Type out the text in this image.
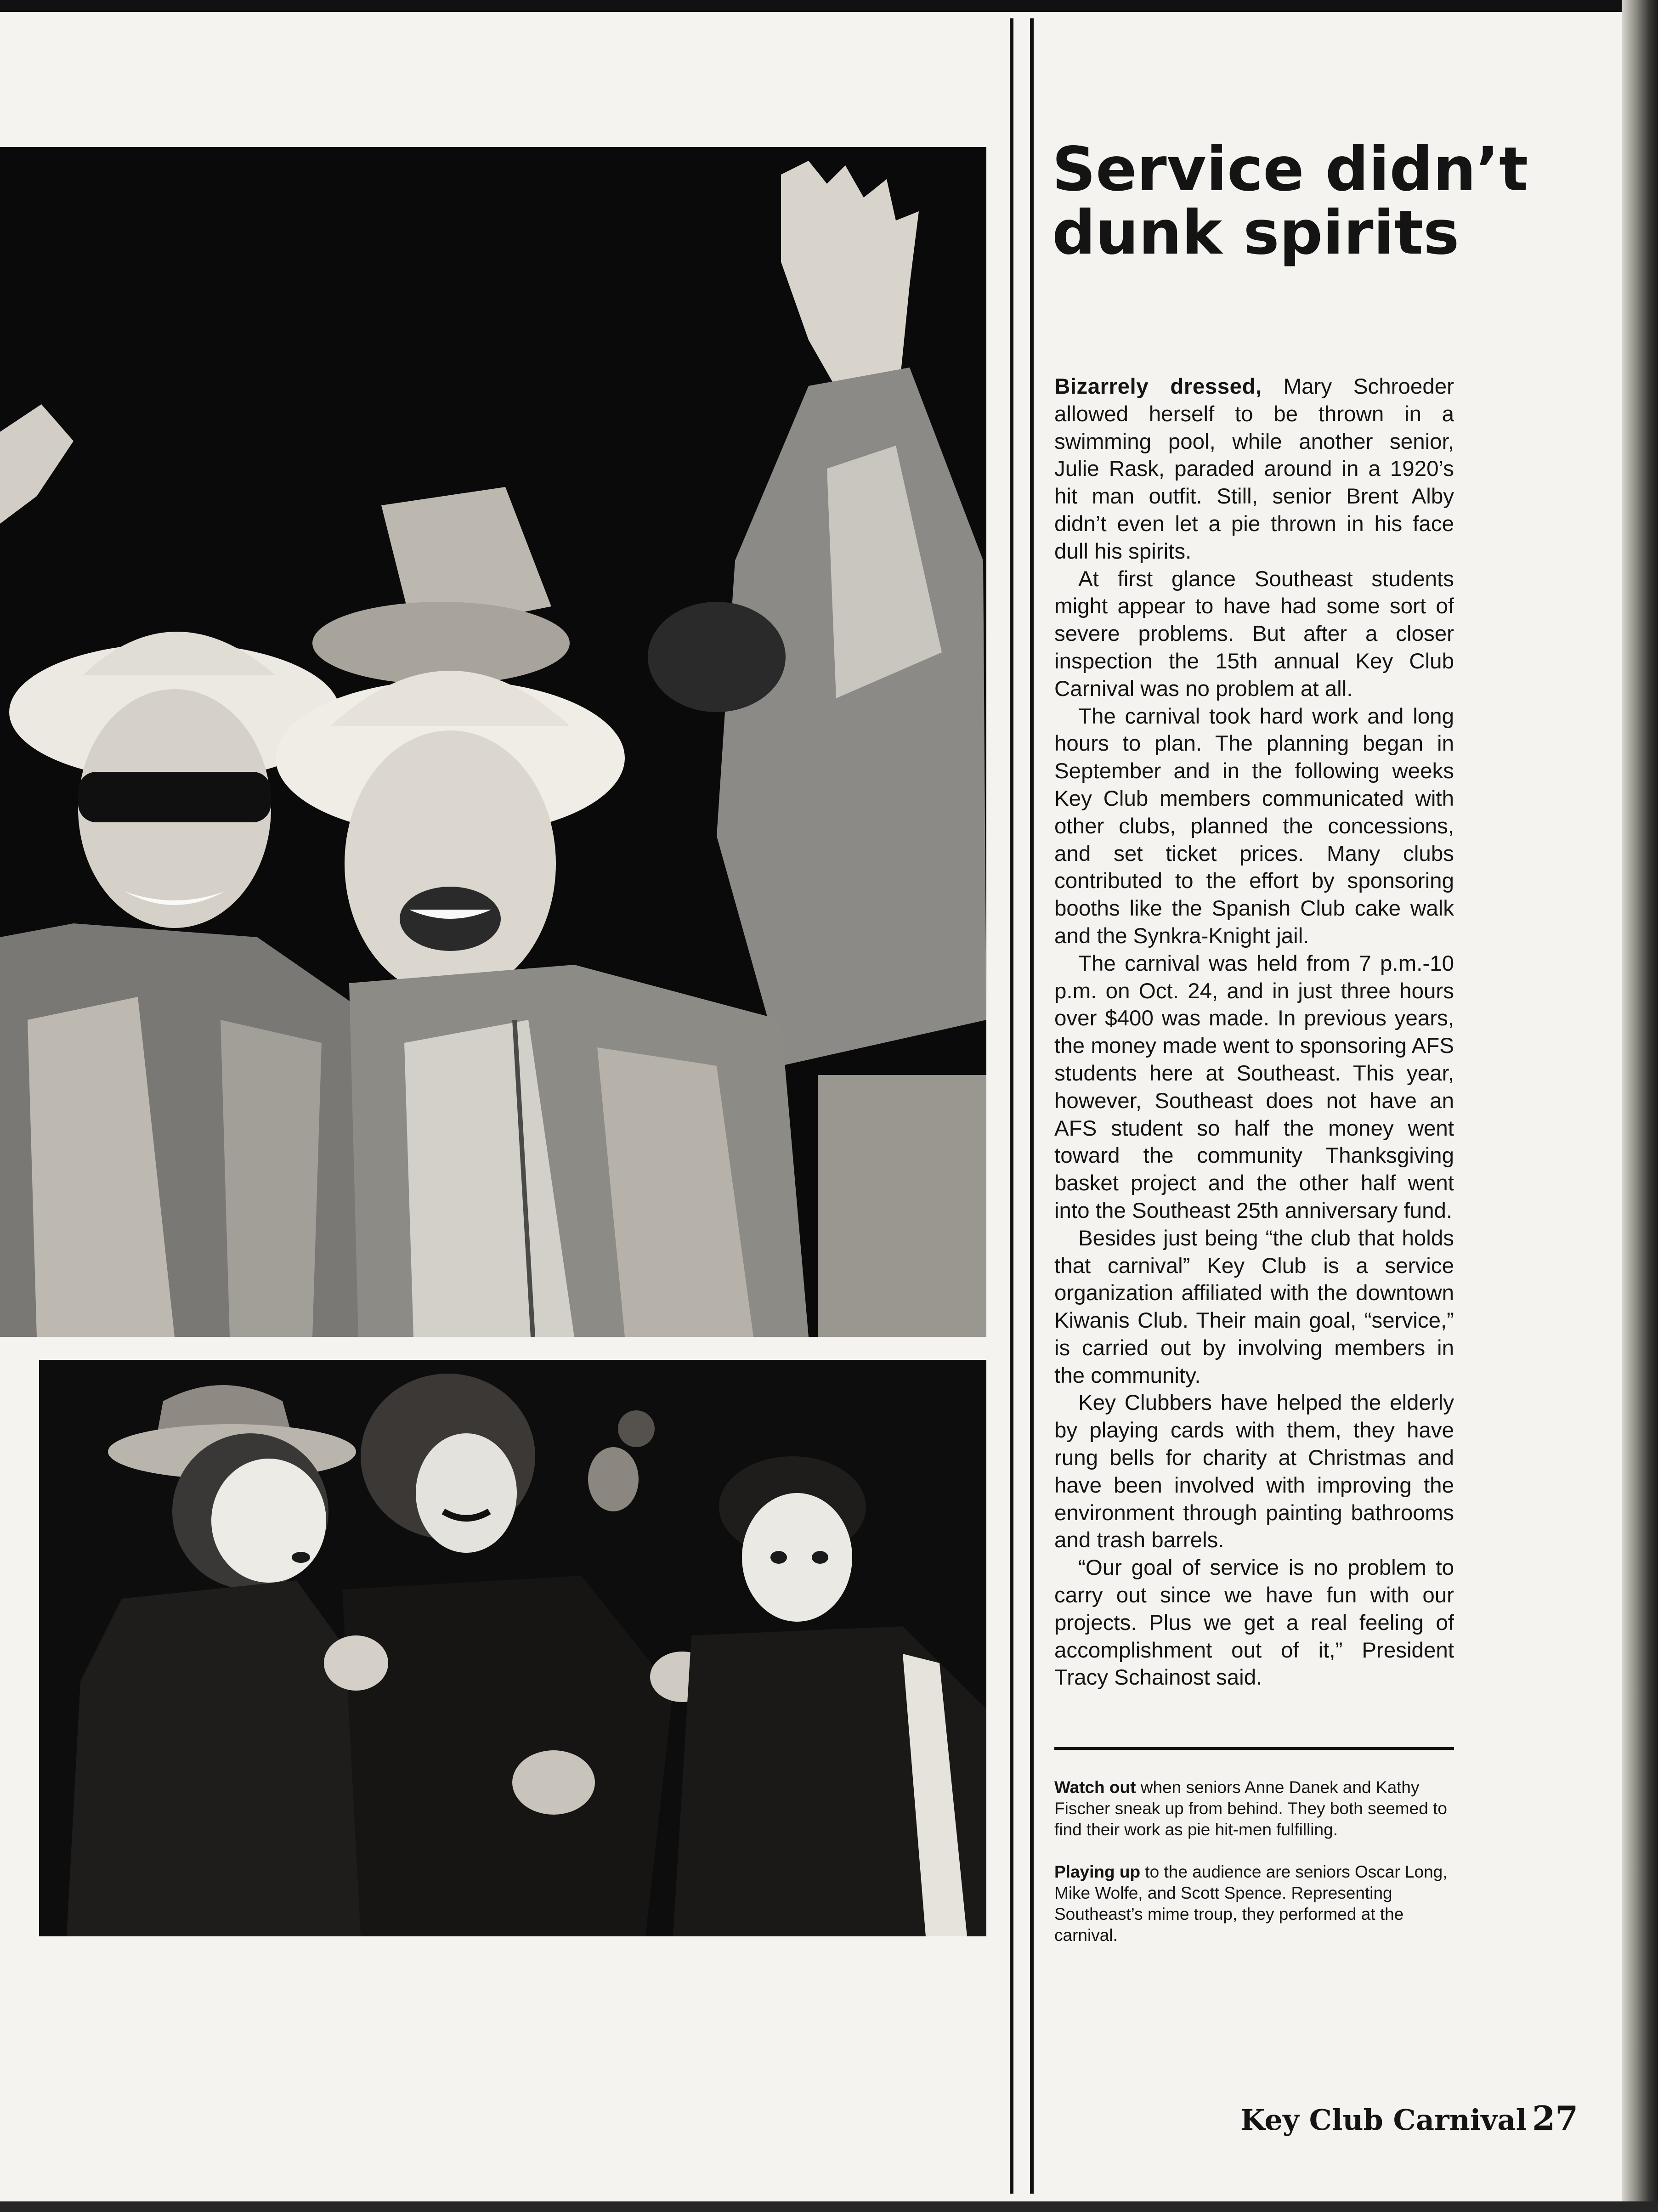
Service didn’t dunk spirits

Bizarrely dressed, Mary Schroeder allowed herself to be thrown in a swimming pool, while another senior, Julie Rask, paraded around in a 1920’s hit man outfit. Still, senior Brent Alby didn’t even let a pie thrown in his face dull his spirits.

At first glance Southeast students might appear to have had some sort of severe problems. But after a closer inspection the 15th annual Key Club Carnival was no problem at all.

The carnival took hard work and long hours to plan. The planning began in September and in the following weeks Key Club members communicated with other clubs, planned the concessions, and set ticket prices. Many clubs contributed to the effort by sponsoring booths like the Spanish Club cake walk and the Synkra-Knight jail.

The carnival was held from 7 p.m.-10 p.m. on Oct. 24, and in just three hours over $400 was made. In previous years, the money made went to sponsoring AFS students here at Southeast. This year, however, Southeast does not have an AFS student so half the money went toward the community Thanksgiving basket project and the other half went into the Southeast 25th anniversary fund.

Besides just being “the club that holds that carnival” Key Club is a service organization affiliated with the downtown Kiwanis Club. Their main goal, “service,” is carried out by involving members in the community.

Key Clubbers have helped the elderly by playing cards with them, they have rung bells for charity at Christmas and have been involved with improving the environment through painting bathrooms and trash barrels.

“Our goal of service is no problem to carry out since we have fun with our projects. Plus we get a real feeling of accomplishment out of it,” President Tracy Schainost said.

Watch out when seniors Anne Danek and Kathy Fischer sneak up from behind. They both seemed to find their work as pie hit-men fulfilling.

Playing up to the audience are seniors Oscar Long, Mike Wolfe, and Scott Spence. Representing Southeast’s mime troup, they performed at the carnival.

Key Club Carnival 27
